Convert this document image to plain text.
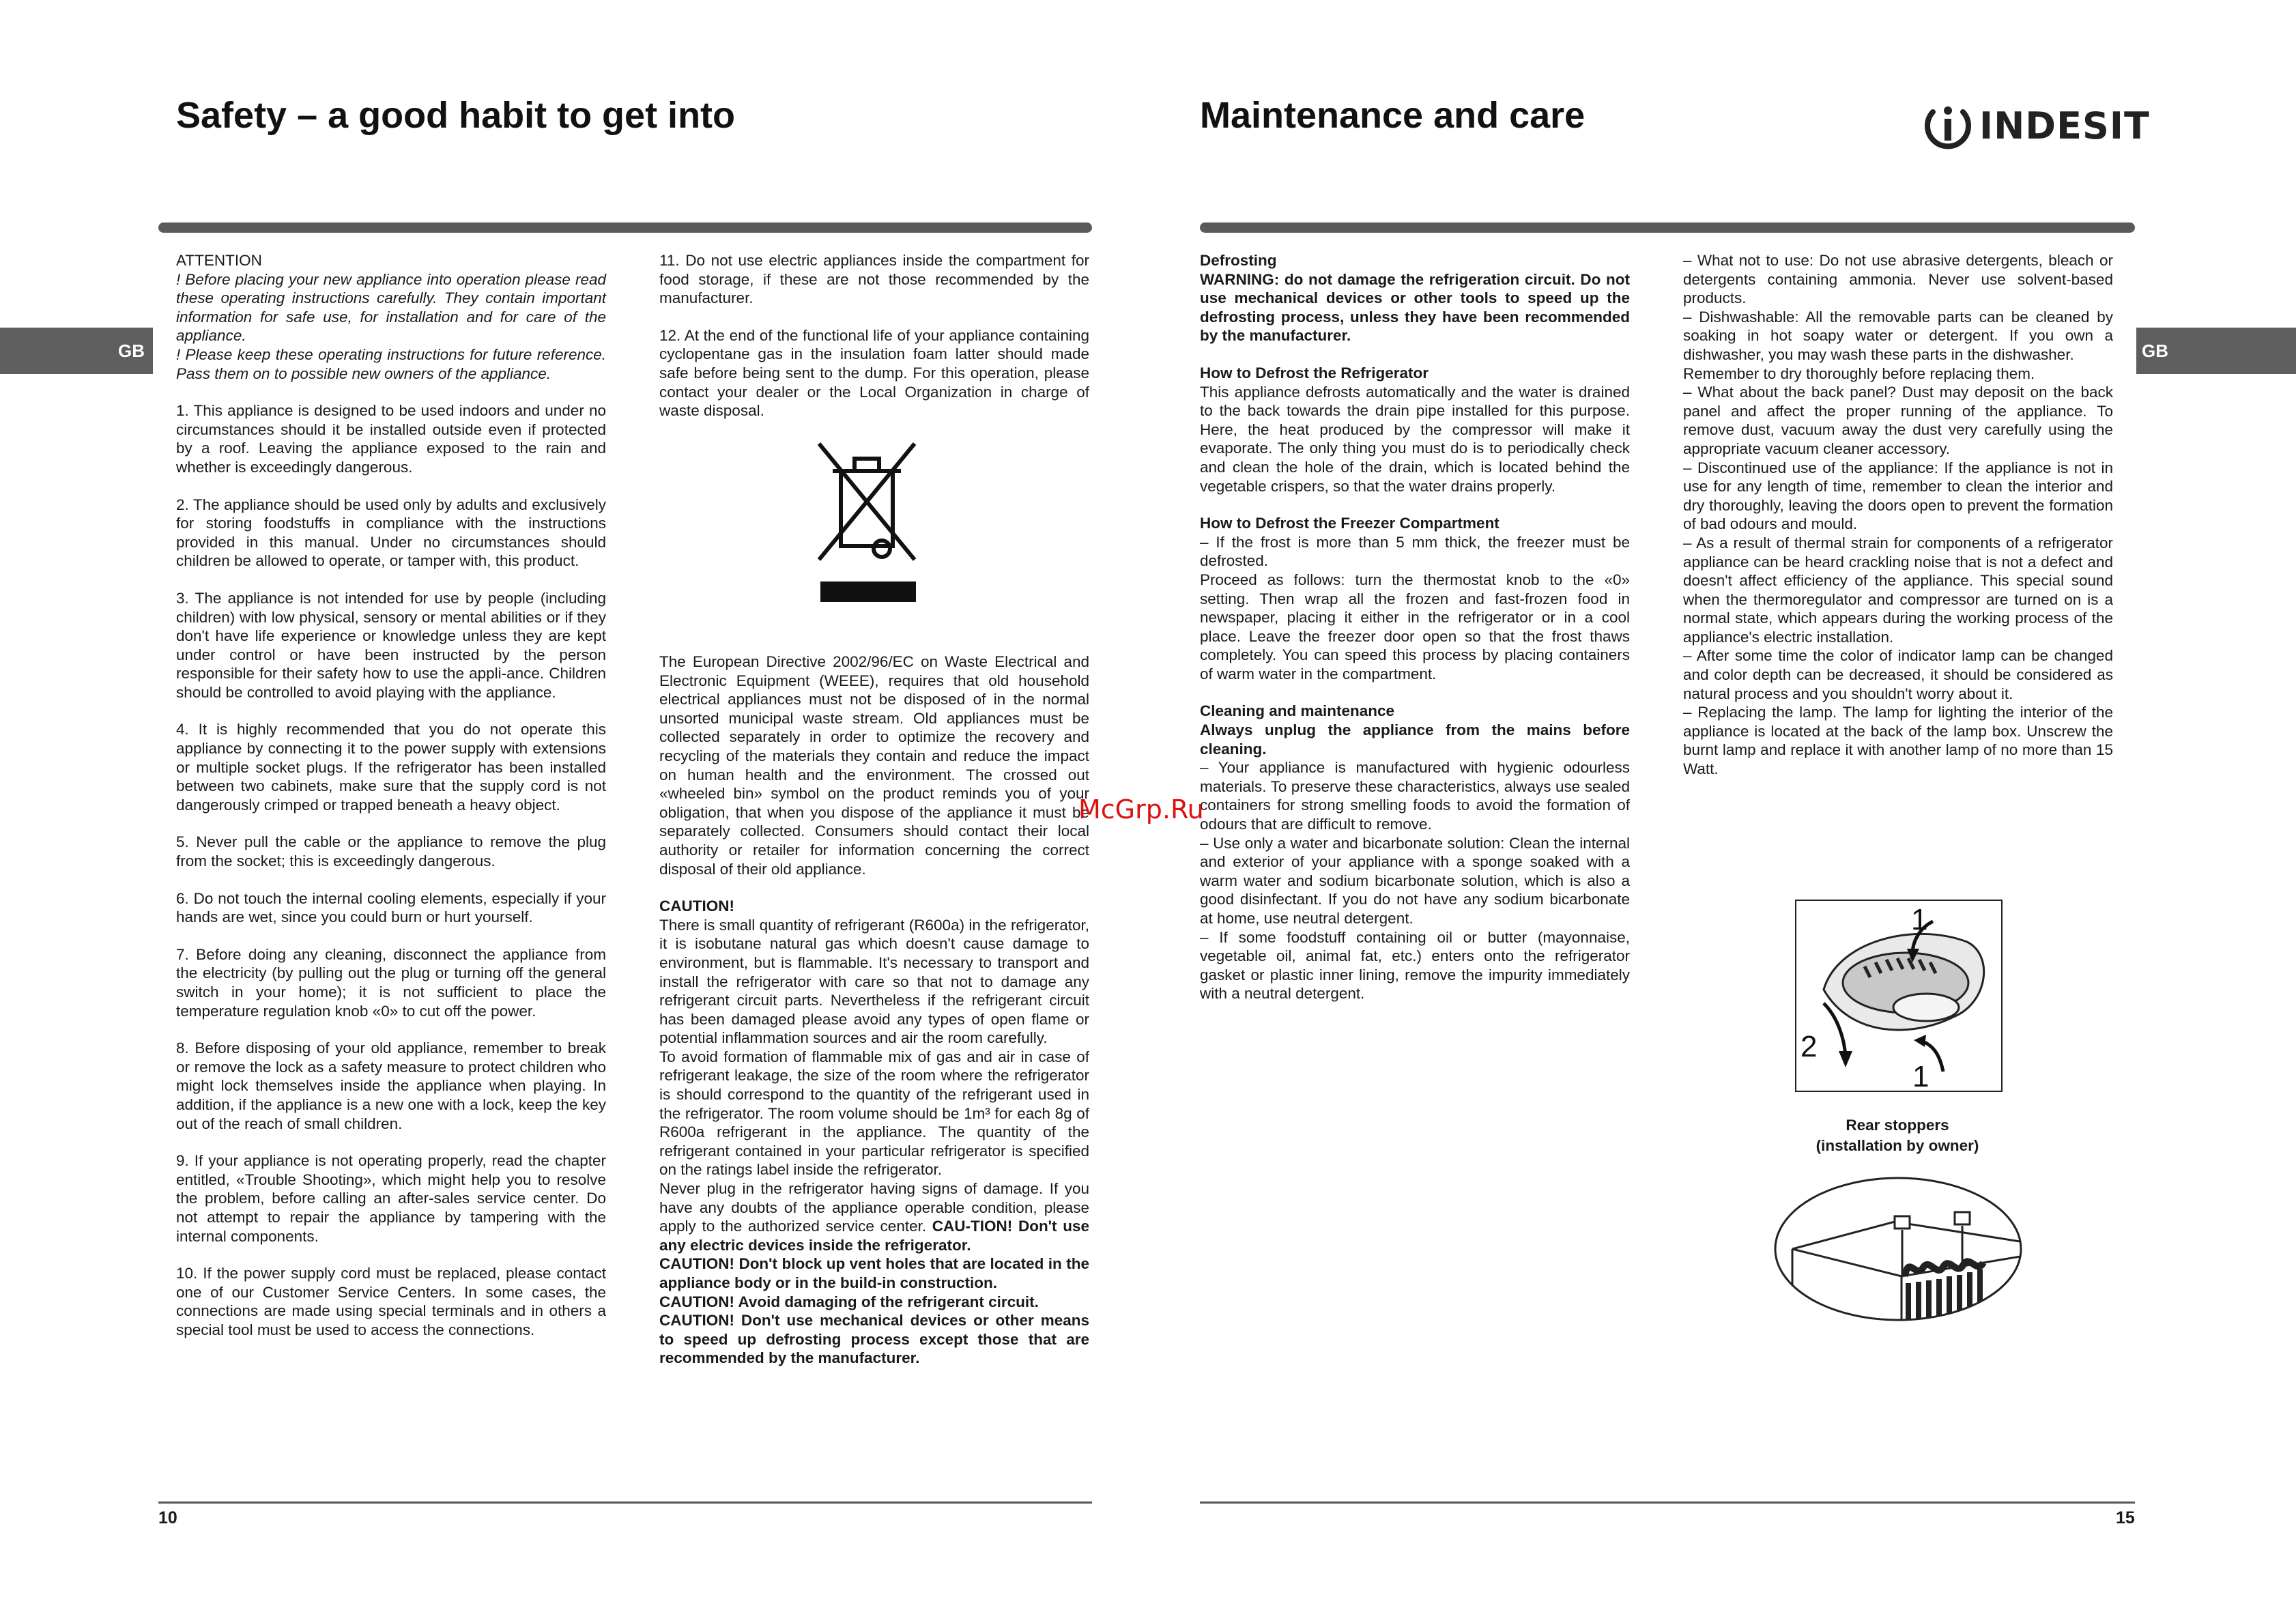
Safety – a good habit to get into
GB

ATTENTION

! Before placing your new appliance into operation please read these operating instructions carefully. They contain important information for safe use, for installation and for care of the appliance.

! Please keep these operating instructions for future reference. Pass them on to possible new owners of the appliance.

1. This appliance is designed to be used indoors and under no circumstances should it be installed outside even if protected by a roof. Leaving the appliance exposed to the rain and whether is exceedingly dangerous.

2. The appliance should be used only by adults and exclusively for storing foodstuffs in compliance with the instructions provided in this manual. Under no circumstances should children be allowed to operate, or tamper with, this product.

3. The appliance is not intended for use by people (including children) with low physical, sensory or mental abilities or if they don't have life experience or knowledge unless they are kept under control or have been instructed by the person responsible for their safety how to use the appli-ance. Children should be controlled to avoid playing with the appliance.

4. It is highly recommended that you do not operate this appliance by connecting it to the power supply with extensions or multiple socket plugs. If the refrigerator has been installed between two cabinets, make sure that the supply cord is not dangerously crimped or trapped beneath a heavy object.

5. Never pull the cable or the appliance to remove the plug from the socket; this is exceedingly dangerous.

6. Do not touch the internal cooling elements, especially if your hands are wet, since you could burn or hurt yourself.

7. Before doing any cleaning, disconnect the appliance from the electricity (by pulling out the plug or turning off the general switch in your home); it is not sufficient to place the temperature regulation knob «0» to cut off the power.

8. Before disposing of your old appliance, remember to break or remove the lock as a safety measure to protect children who might lock themselves inside the appliance when playing. In addition, if the appliance is a new one with a lock, keep the key out of the reach of small children.

9. If your appliance is not operating properly, read the chapter entitled, «Trouble Shooting», which might help you to resolve the problem, before calling an after-sales service center. Do not attempt to repair the appliance by tampering with the internal components.

10. If the power supply cord must be replaced, please contact one of our Customer Service Centers. In some cases, the connections are made using special terminals and in others a special tool must be used to access the connections.

11. Do not use electric appliances inside the compartment for food storage, if these are not those recommended by the manufacturer.

12. At the end of the functional life of your appliance containing cyclopentane gas in the insulation foam latter should made safe before being sent to the dump. For this operation, please contact your dealer or the Local Organization in charge of waste disposal.

The European Directive 2002/96/EC on Waste Electrical and Electronic Equipment (WEEE), requires that old household electrical appliances must not be disposed of in the normal unsorted municipal waste stream. Old appliances must be collected separately in order to optimize the recovery and recycling of the materials they contain and reduce the impact on human health and the environment. The crossed out «wheeled bin» symbol on the product reminds you of your obligation, that when you dispose of the appliance it must be separately collected. Consumers should contact their local authority or retailer for information concerning the correct disposal of their old appliance.

CAUTION!

There is small quantity of refrigerant (R600a) in the refrigerator, it is isobutane natural gas which doesn't cause damage to environment, but is flammable. It's necessary to transport and install the refrigerator with care so that not to damage any refrigerant circuit parts. Nevertheless if the refrigerant circuit has been damaged please avoid any types of open flame or potential inflammation sources and air the room carefully.

To avoid formation of flammable mix of gas and air in case of refrigerant leakage, the size of the room where the refrigerator is should correspond to the quantity of the refrigerant used in the refrigerator. The room volume should be 1m³ for each 8g of R600a refrigerant in the appliance. The quantity of the refrigerant contained in your particular refrigerator is specified on the ratings label inside the refrigerator.

Never plug in the refrigerator having signs of damage. If you have any doubts of the appliance operable condition, please apply to the authorized service center. CAU-TION! Don't use any electric devices inside the refrigerator.

CAUTION! Don't block up vent holes that are located in the appliance body or in the build-in construction.

CAUTION! Avoid damaging of the refrigerant circuit.

CAUTION! Don't use mechanical devices or other means to speed up defrosting process except those that are recommended by the manufacturer.

10
Maintenance and care	INDESIT
GB

Defrosting

WARNING: do not damage the refrigeration circuit. Do not use mechanical devices or other tools to speed up the defrosting process, unless they have been recommended by the manufacturer.

How to Defrost the Refrigerator

This appliance defrosts automatically and the water is drained to the back towards the drain pipe installed for this purpose. Here, the heat produced by the compressor will make it evaporate. The only thing you must do is to periodically check and clean the hole of the drain, which is located behind the vegetable crispers, so that the water drains properly.

How to Defrost the Freezer Compartment

– If the frost is more than 5 mm thick, the freezer must be defrosted.

Proceed as follows: turn the thermostat knob to the «0» setting. Then wrap all the frozen and fast-frozen food in newspaper, placing it either in the refrigerator or in a cool place. Leave the freezer door open so that the frost thaws completely. You can speed this process by placing containers of warm water in the compartment.

Cleaning and maintenance

Always unplug the appliance from the mains before cleaning.

– Your appliance is manufactured with hygienic odourless materials. To preserve these characteristics, always use sealed containers for strong smelling foods to avoid the formation of odours that are difficult to remove.

– Use only a water and bicarbonate solution: Clean the internal and exterior of your appliance with a sponge soaked with a warm water and sodium bicarbonate solution, which is also a good disinfectant. If you do not have any sodium bicarbonate at home, use neutral detergent.

– If some foodstuff containing oil or butter (mayonnaise, vegetable oil, animal fat, etc.) enters onto the refrigerator gasket or plastic inner lining, remove the impurity immediately with a neutral detergent.

– What not to use: Do not use abrasive detergents, bleach or detergents containing ammonia. Never use solvent-based products.

– Dishwashable: All the removable parts can be cleaned by soaking in hot soapy water or detergent. If you own a dishwasher, you may wash these parts in the dishwasher.

Remember to dry thoroughly before replacing them.

– What about the back panel? Dust may deposit on the back panel and affect the proper running of the appliance. To remove dust, vacuum away the dust very carefully using the appropriate vacuum cleaner accessory.

– Discontinued use of the appliance: If the appliance is not in use for any length of time, remember to clean the interior and dry thoroughly, leaving the doors open to prevent the formation of bad odours and mould.

– As a result of thermal strain for components of a refrigerator appliance can be heard crackling noise that is not a defect and doesn't affect efficiency of the appliance. This special sound when the thermoregulator and compressor are turned on is a normal state, which appears during the working process of the appliance's electric installation.

– After some time the color of indicator lamp can be changed and color depth can be decreased, it should be considered as natural process and you shouldn't worry about it.

– Replacing the lamp. The lamp for lighting the interior of the appliance is located at the back of the lamp box. Unscrew the burnt lamp and replace it with another lamp of no more than 15 Watt.

1
2
1
Rear stoppers
(installation by owner)
15
McGrp.Ru
